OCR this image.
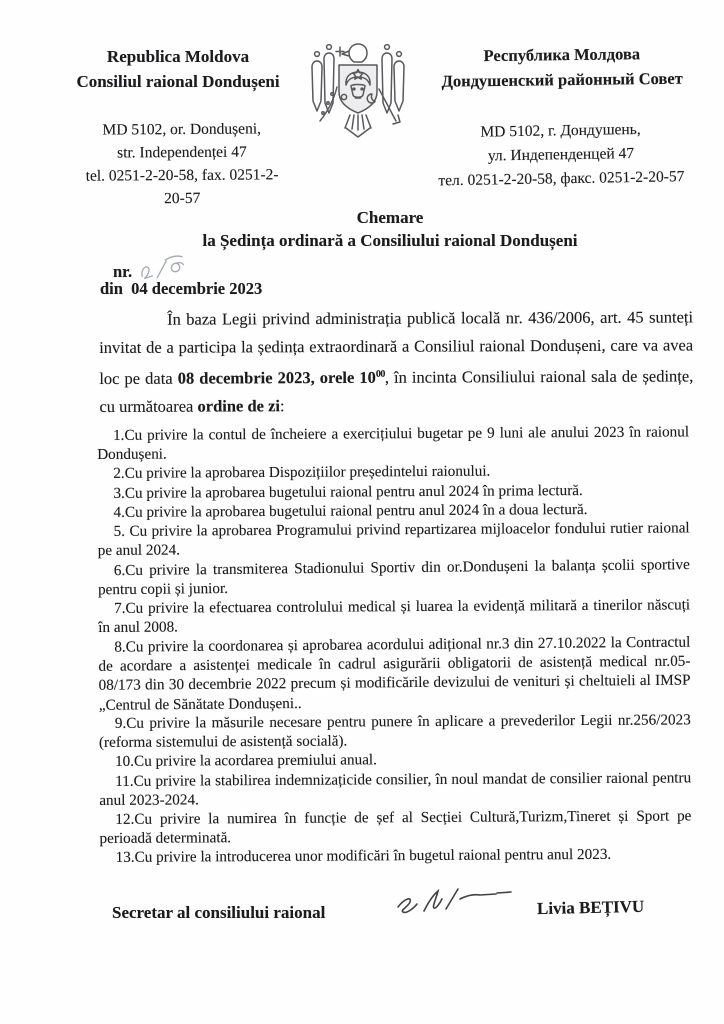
Republica Moldova
Consiliul raional Dondușeni
Республика Молдова
Дондушенский районный Совет
MD 5102, or. Dondușeni,
str. Independenței 47
tel. 0251-2-20-58, fax. 0251-2-
20-57
MD 5102, г. Дондушень,
ул. Индепенденцей 47
тел. 0251-2-20-58, факс. 0251-2-20-57
Chemare
la Ședința ordinară a Consiliului raional Dondușeni
nr.
din  04 decembrie 2023

În baza Legii privind administrația publică locală nr. 436/2006, art. 45 sunteți invitat de a participa la ședința extraordinară a Consiliul raional Dondușeni, care va avea loc pe data 08 decembrie 2023, orele $10^{00}$, în incinta Consiliului raional sala de ședințe, cu următoarea ordine de zi:

1.Cu privire la contul de încheiere a exercițiului bugetar pe 9 luni ale anului 2023 în raionul Dondușeni.
2.Cu privire la aprobarea Dispozițiilor președintelui raionului.
3.Cu privire la aprobarea bugetului raional pentru anul 2024 în prima lectură.
4.Cu privire la aprobarea bugetului raional pentru anul 2024 în a doua lectură.
5. Cu privire la aprobarea Programului privind repartizarea mijloacelor fondului rutier raional pe anul 2024.
6.Cu privire la transmiterea Stadionului Sportiv din or.Dondușeni la balanța școlii sportive pentru copii și junior.
7.Cu privire la efectuarea controlului medical și luarea la evidență militară a tinerilor născuți în anul 2008.
8.Cu privire la coordonarea și aprobarea acordului adițional nr.3 din 27.10.2022 la Contractul de acordare a asistenței medicale în cadrul asigurării obligatorii de asistență medical nr.05-08/173 din 30 decembrie 2022 precum și modificările devizului de venituri și cheltuieli al IMSP „Centrul de Sănătate Dondușeni..
9.Cu privire la măsurile necesare pentru punere în aplicare a prevederilor Legii nr.256/2023 (reforma sistemului de asistență socială).
10.Cu privire la acordarea premiului anual.
11.Cu privire la stabilirea indemnizațicide consilier, în noul mandat de consilier raional pentru anul 2023-2024.
12.Cu privire la numirea în funcție de șef al Secției Cultură,Turizm,Tineret și Sport pe perioadă determinată.
13.Cu privire la introducerea unor modificări în bugetul raional pentru anul 2023.
Secretar al consiliului raional	Livia BEȚIVU
